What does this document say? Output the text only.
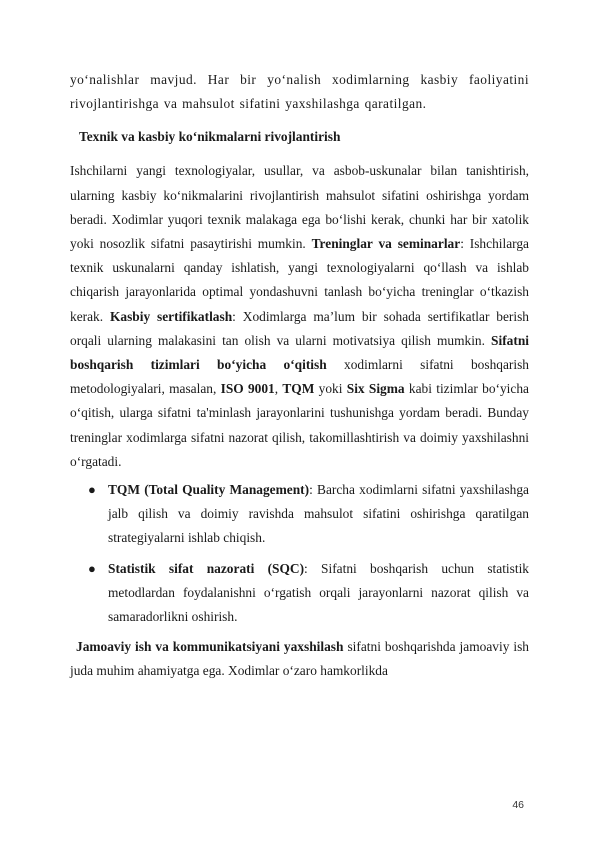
yo‘nalishlar mavjud. Har bir yo‘nalish xodimlarning kasbiy faoliyatini rivojlantirishga va mahsulot sifatini yaxshilashga qaratilgan.

Texnik va kasbiy ko‘nikmalarni rivojlantirish

Ishchilarni yangi texnologiyalar, usullar, va asbob-uskunalar bilan tanishtirish, ularning kasbiy ko‘nikmalarini rivojlantirish mahsulot sifatini oshirishga yordam beradi. Xodimlar yuqori texnik malakaga ega bo‘lishi kerak, chunki har bir xatolik yoki nosozlik sifatni pasaytirishi mumkin. Treninglar va seminarlar: Ishchilarga texnik uskunalarni qanday ishlatish, yangi texnologiyalarni qo‘llash va ishlab chiqarish jarayonlarida optimal yondashuvni tanlash bo‘yicha treninglar o‘tkazish kerak. Kasbiy sertifikatlash: Xodimlarga ma’lum bir sohada sertifikatlar berish orqali ularning malakasini tan olish va ularni motivatsiya qilish mumkin. Sifatni boshqarish tizimlari bo‘yicha o‘qitish xodimlarni sifatni boshqarish metodologiyalari, masalan, ISO 9001, TQM yoki Six Sigma kabi tizimlar bo‘yicha o‘qitish, ularga sifatni ta'minlash jarayonlarini tushunishga yordam beradi. Bunday treninglar xodimlarga sifatni nazorat qilish, takomillashtirish va doimiy yaxshilashni o‘rgatadi.

● TQM (Total Quality Management): Barcha xodimlarni sifatni yaxshilashga jalb qilish va doimiy ravishda mahsulot sifatini oshirishga qaratilgan strategiyalarni ishlab chiqish.
● Statistik sifat nazorati (SQC): Sifatni boshqarish uchun statistik metodlardan foydalanishni o‘rgatish orqali jarayonlarni nazorat qilish va samaradorlikni oshirish.

Jamoaviy ish va kommunikatsiyani yaxshilash sifatni boshqarishda jamoaviy ish juda muhim ahamiyatga ega. Xodimlar o‘zaro hamkorlikda

46
